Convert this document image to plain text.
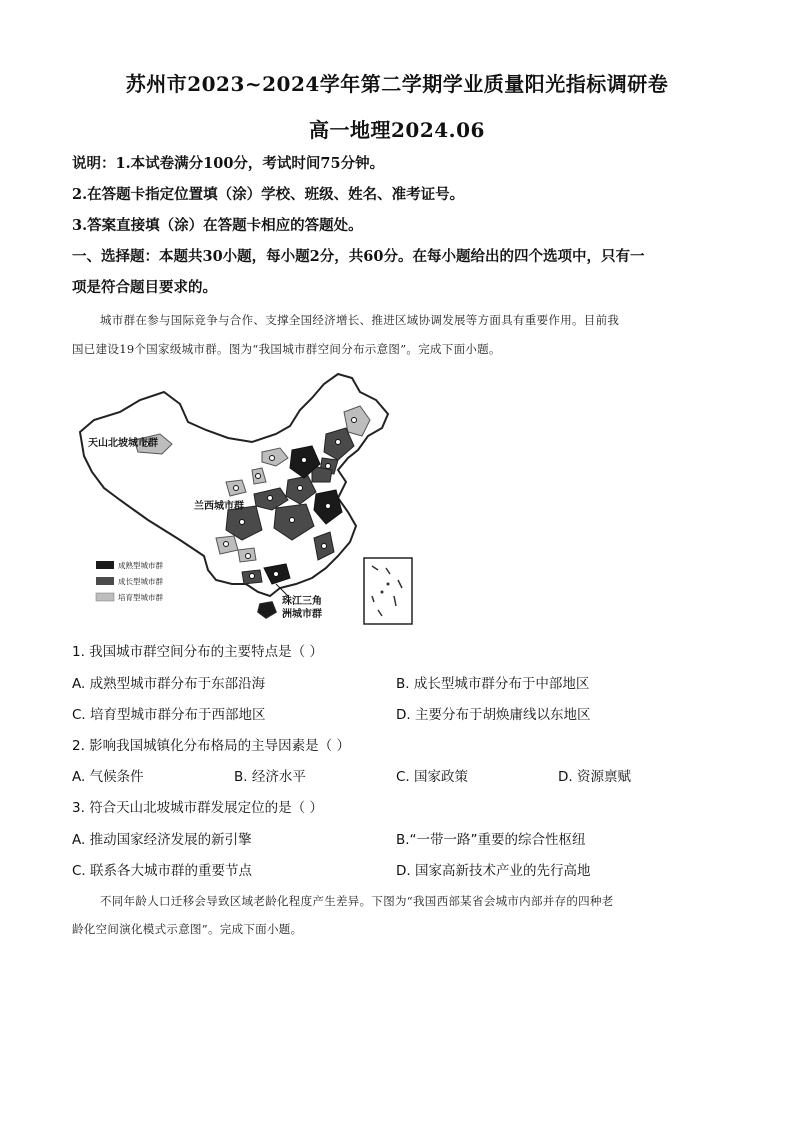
苏州市2023~2024学年第二学期学业质量阳光指标调研卷
高一地理2024.06
说明：1.本试卷满分100分，考试时间75分钟。
2.在答题卡指定位置填（涂）学校、班级、姓名、准考证号。
3.答案直接填（涂）在答题卡相应的答题处。
一、选择题：本题共30小题，每小题2分，共60分。在每小题给出的四个选项中，只有一
项是符合题目要求的。
城市群在参与国际竞争与合作、支撑全国经济增长、推进区域协调发展等方面具有重要作用。目前我
国已建设19个国家级城市群。图为“我国城市群空间分布示意图”。完成下面小题。
成熟型城市群
成长型城市群
培育型城市群
天山北坡城市群
兰西城市群
珠江三角
洲城市群
1. 我国城市群空间分布的主要特点是（ ）
A. 成熟型城市群分布于东部沿海	B. 成长型城市群分布于中部地区
C. 培育型城市群分布于西部地区	D. 主要分布于胡焕庸线以东地区
2. 影响我国城镇化分布格局的主导因素是（ ）
A. 气候条件	B. 经济水平	C. 国家政策	D. 资源禀赋
3. 符合天山北坡城市群发展定位的是（ ）
A. 推动国家经济发展的新引擎	B.“一带一路”重要的综合性枢纽
C. 联系各大城市群的重要节点	D. 国家高新技术产业的先行高地
不同年龄人口迁移会导致区域老龄化程度产生差异。下图为“我国西部某省会城市内部并存的四种老
龄化空间演化模式示意图”。完成下面小题。
